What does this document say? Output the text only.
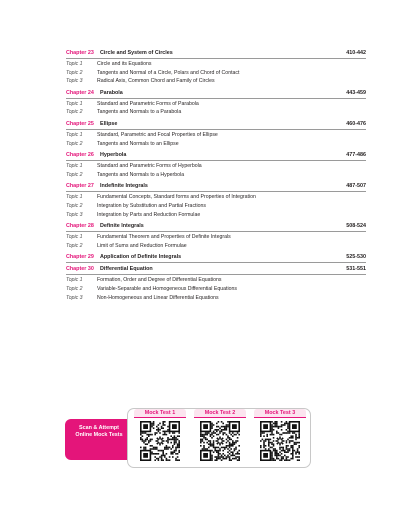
Chapter 23 Circle and System of Circles	410-442
Topic 1	Circle and its Equations
Topic 2	Tangents and Normal of a Circle, Polars and Chord of Contact
Topic 3	Radical Axis, Common Chord and Family of Circles
Chapter 24 Parabola	443-459
Topic 1	Standard and Parametric Forms of Parabola
Topic 2	Tangents and Normals to a Parabola
Chapter 25 Ellipse	460-476
Topic 1	Standard, Parametric and Focal Properties of Ellipse
Topic 2	Tangents and Normals to an Ellipse
Chapter 26 Hyperbola	477-486
Topic 1	Standard and Parametric Forms of Hyperbola
Topic 2	Tangents and Normals to a Hyperbola
Chapter 27 Indefinite Integrals	487-507
Topic 1	Fundamental Concepts, Standard forms and Properties of Integration
Topic 2	Integration by Substitution and Partial Fractions
Topic 3	Integration by Parts and Reduction Formulae
Chapter 28 Definite Integrals	508-524
Topic 1	Fundamental Theorem and Properties of Definite Integrals
Topic 2	Limit of Sums and Reduction Formulae
Chapter 29 Application of Definite Integrals	525-530
Chapter 30 Differential Equation	531-551
Topic 1	Formation, Order and Degree of Differential Equations
Topic 2	Variable-Separable and Homogeneous Differential Equations
Topic 3	Non-Homogeneous and Linear Differential Equations
Scan & Attempt Online Mock Tests
Mock Test 1	Mock Test 2	Mock Test 3
